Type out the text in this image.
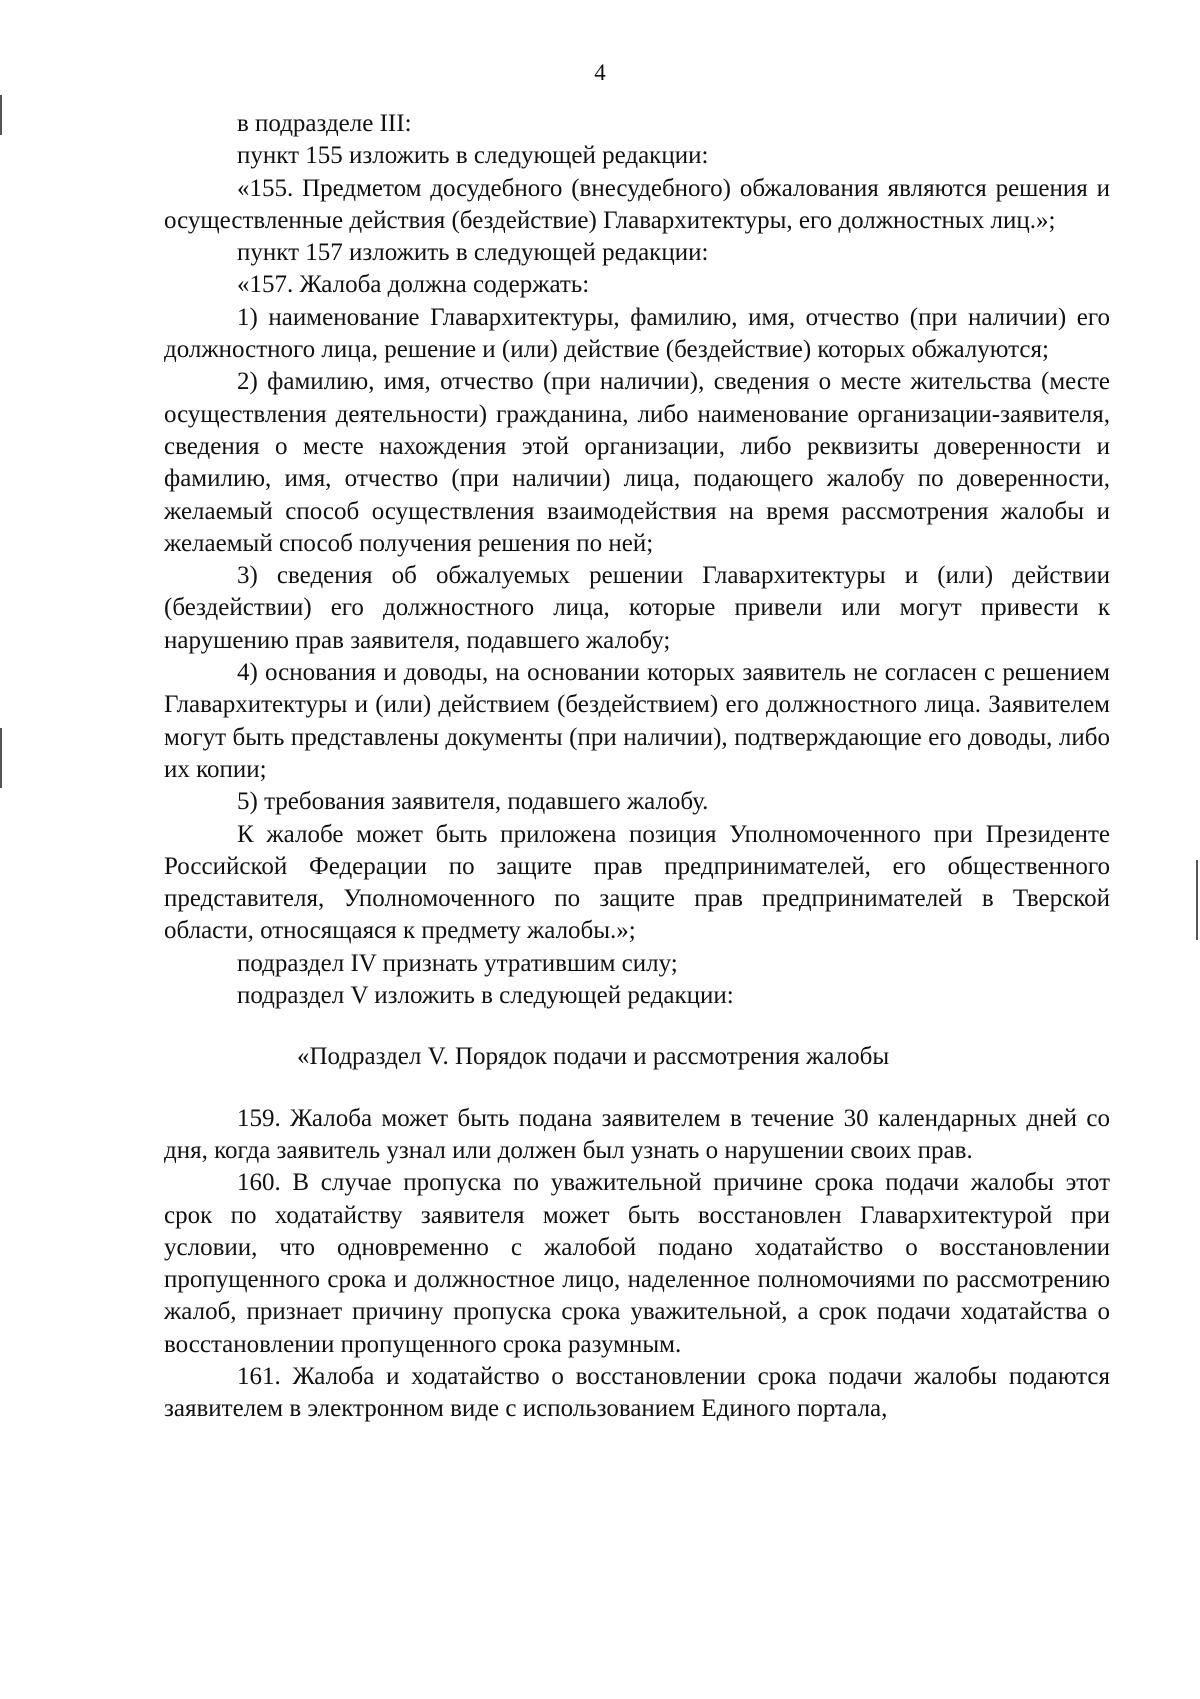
4

в подразделе III:

пункт 155 изложить в следующей редакции:

«155. Предметом досудебного (внесудебного) обжалования являются решения и осуществленные действия (бездействие) Главархитектуры, его должностных лиц.»;

пункт 157 изложить в следующей редакции:

«157. Жалоба должна содержать:

1) наименование Главархитектуры, фамилию, имя, отчество (при наличии) его должностного лица, решение и (или) действие (бездействие) которых обжалуются;

2) фамилию, имя, отчество (при наличии), сведения о месте жительства (месте осуществления деятельности) гражданина, либо наименование организации-заявителя, сведения о месте нахождения этой организации, либо реквизиты доверенности и фамилию, имя, отчество (при наличии) лица, подающего жалобу по доверенности, желаемый способ осуществления взаимодействия на время рассмотрения жалобы и желаемый способ получения решения по ней;

3) сведения об обжалуемых решении Главархитектуры и (или) действии (бездействии) его должностного лица, которые привели или могут привести к нарушению прав заявителя, подавшего жалобу;

4) основания и доводы, на основании которых заявитель не согласен с решением Главархитектуры и (или) действием (бездействием) его должностного лица. Заявителем могут быть представлены документы (при наличии), подтверждающие его доводы, либо их копии;

5) требования заявителя, подавшего жалобу.

К жалобе может быть приложена позиция Уполномоченного при Президенте Российской Федерации по защите прав предпринимателей, его общественного представителя, Уполномоченного по защите прав предпринимателей в Тверской области, относящаяся к предмету жалобы.»;

подраздел IV признать утратившим силу;

подраздел V изложить в следующей редакции:

«Подраздел V. Порядок подачи и рассмотрения жалобы

159. Жалоба может быть подана заявителем в течение 30 календарных дней со дня, когда заявитель узнал или должен был узнать о нарушении своих прав.

160. В случае пропуска по уважительной причине срока подачи жалобы этот срок по ходатайству заявителя может быть восстановлен Главархитектурой при условии, что одновременно с жалобой подано ходатайство о восстановлении пропущенного срока и должностное лицо, наделенное полномочиями по рассмотрению жалоб, признает причину пропуска срока уважительной, а срок подачи ходатайства о восстановлении пропущенного срока разумным.

161. Жалоба и ходатайство о восстановлении срока подачи жалобы подаются заявителем в электронном виде с использованием Единого портала,
